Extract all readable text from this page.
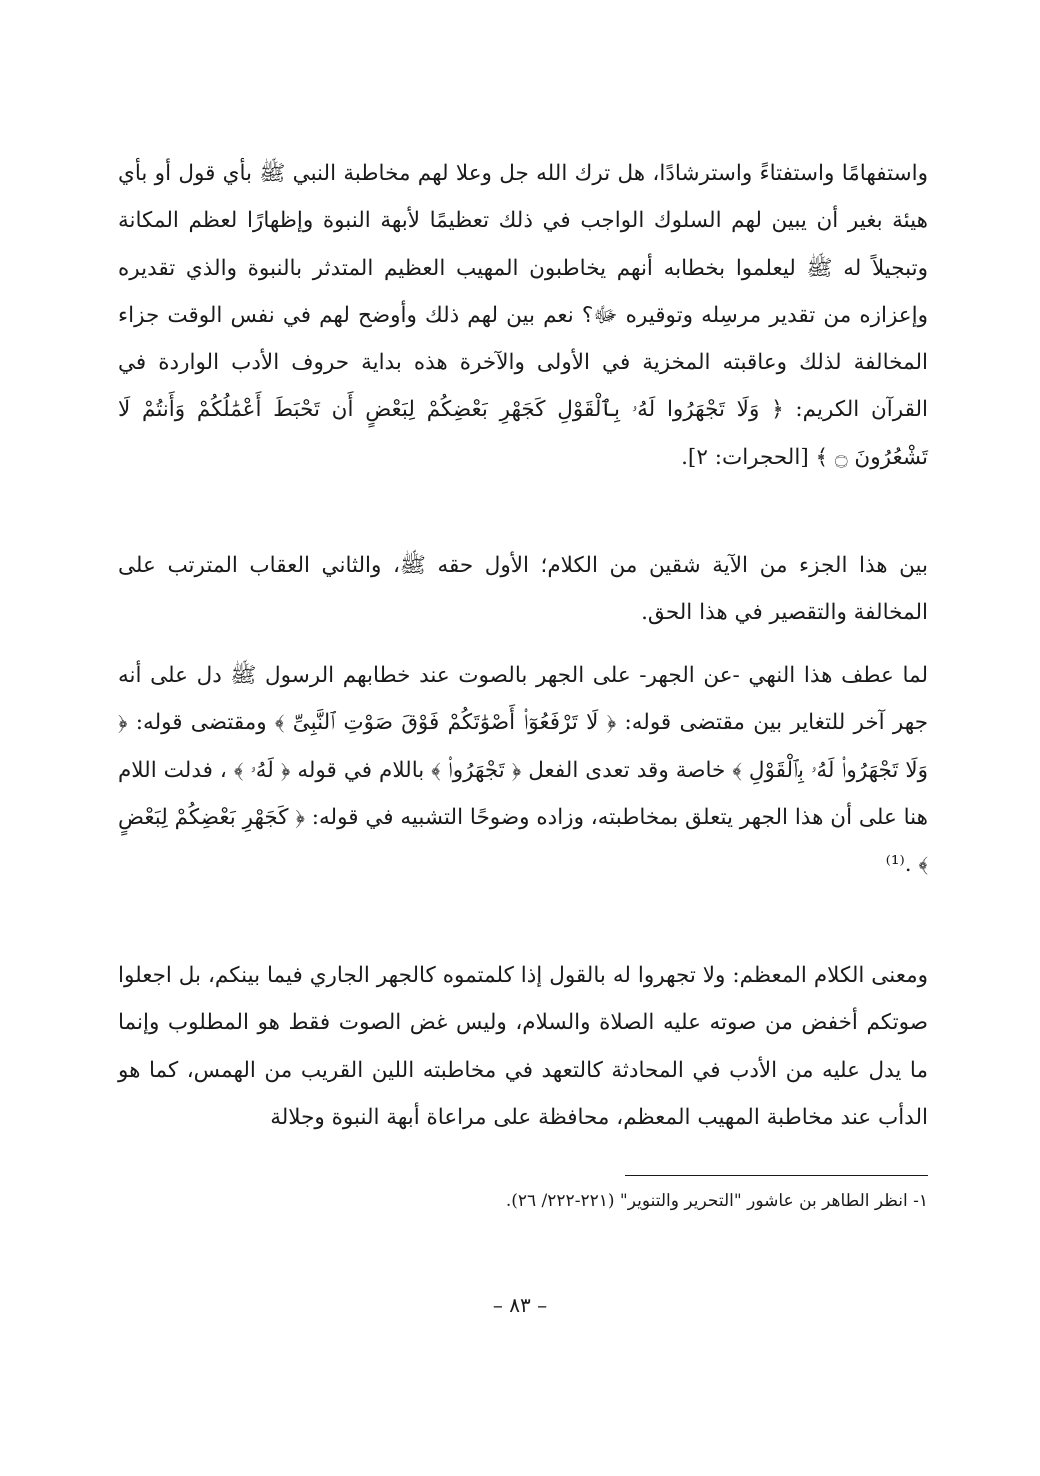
واستفهامًا واستفتاءً واسترشادًا، هل ترك الله جل وعلا لهم مخاطبة النبي ﷺ بأي قول أو بأي هيئة بغير أن يبين لهم السلوك الواجب في ذلك تعظيمًا لأبهة النبوة وإظهارًا لعظم المكانة وتبجيلاً له ﷺ ليعلموا بخطابه أنهم يخاطبون المهيب العظيم المتدثر بالنبوة والذي تقديره وإعزازه من تقدير مرسِله وتوقيره ﷻ؟ نعم بين لهم ذلك وأوضح لهم في نفس الوقت جزاء المخالفة لذلك وعاقبته المخزية في الأولى والآخرة هذه بداية حروف الأدب الواردة في القرآن الكريم: ﴿ وَلَا تَجْهَرُوا لَهُۥ بِٱلْقَوْلِ كَجَهْرِ بَعْضِكُمْ لِبَعْضٍ أَن تَحْبَطَ أَعْمَٰلُكُمْ وَأَنتُمْ لَا تَشْعُرُونَ ۝ ﴾ [الحجرات: ٢].
بين هذا الجزء من الآية شقين من الكلام؛ الأول حقه ﷺ، والثاني العقاب المترتب على المخالفة والتقصير في هذا الحق.
لما عطف هذا النهي -عن الجهر- على الجهر بالصوت عند خطابهم الرسول ﷺ دل على أنه جهر آخر للتغاير بين مقتضى قوله: ﴿ لَا تَرْفَعُوٓا۟ أَصْوَٰتَكُمْ فَوْقَ صَوْتِ ٱلنَّبِىِّ ﴾ ومقتضى قوله: ﴿ وَلَا تَجْهَرُوا۟ لَهُۥ بِٱلْقَوْلِ ﴾ خاصة وقد تعدى الفعل ﴿ تَجْهَرُوا۟ ﴾ باللام في قوله ﴿ لَهُۥ ﴾ ، فدلت اللام هنا على أن هذا الجهر يتعلق بمخاطبته، وزاده وضوحًا التشبيه في قوله: ﴿ كَجَهْرِ بَعْضِكُمْ لِبَعْضٍ ﴾ .⁽¹⁾
ومعنى الكلام المعظم: ولا تجهروا له بالقول إذا كلمتموه كالجهر الجاري فيما بينكم، بل اجعلوا صوتكم أخفض من صوته عليه الصلاة والسلام، وليس غض الصوت فقط هو المطلوب وإنما ما يدل عليه من الأدب في المحادثة كالتعهد في مخاطبته اللين القريب من الهمس، كما هو الدأب عند مخاطبة المهيب المعظم، محافظة على مراعاة أبهة النبوة وجلالة
١- انظر الطاهر بن عاشور "التحرير والتنوير" (٢٢١-٢٢٢/ ٢٦).
– ٨٣ –
